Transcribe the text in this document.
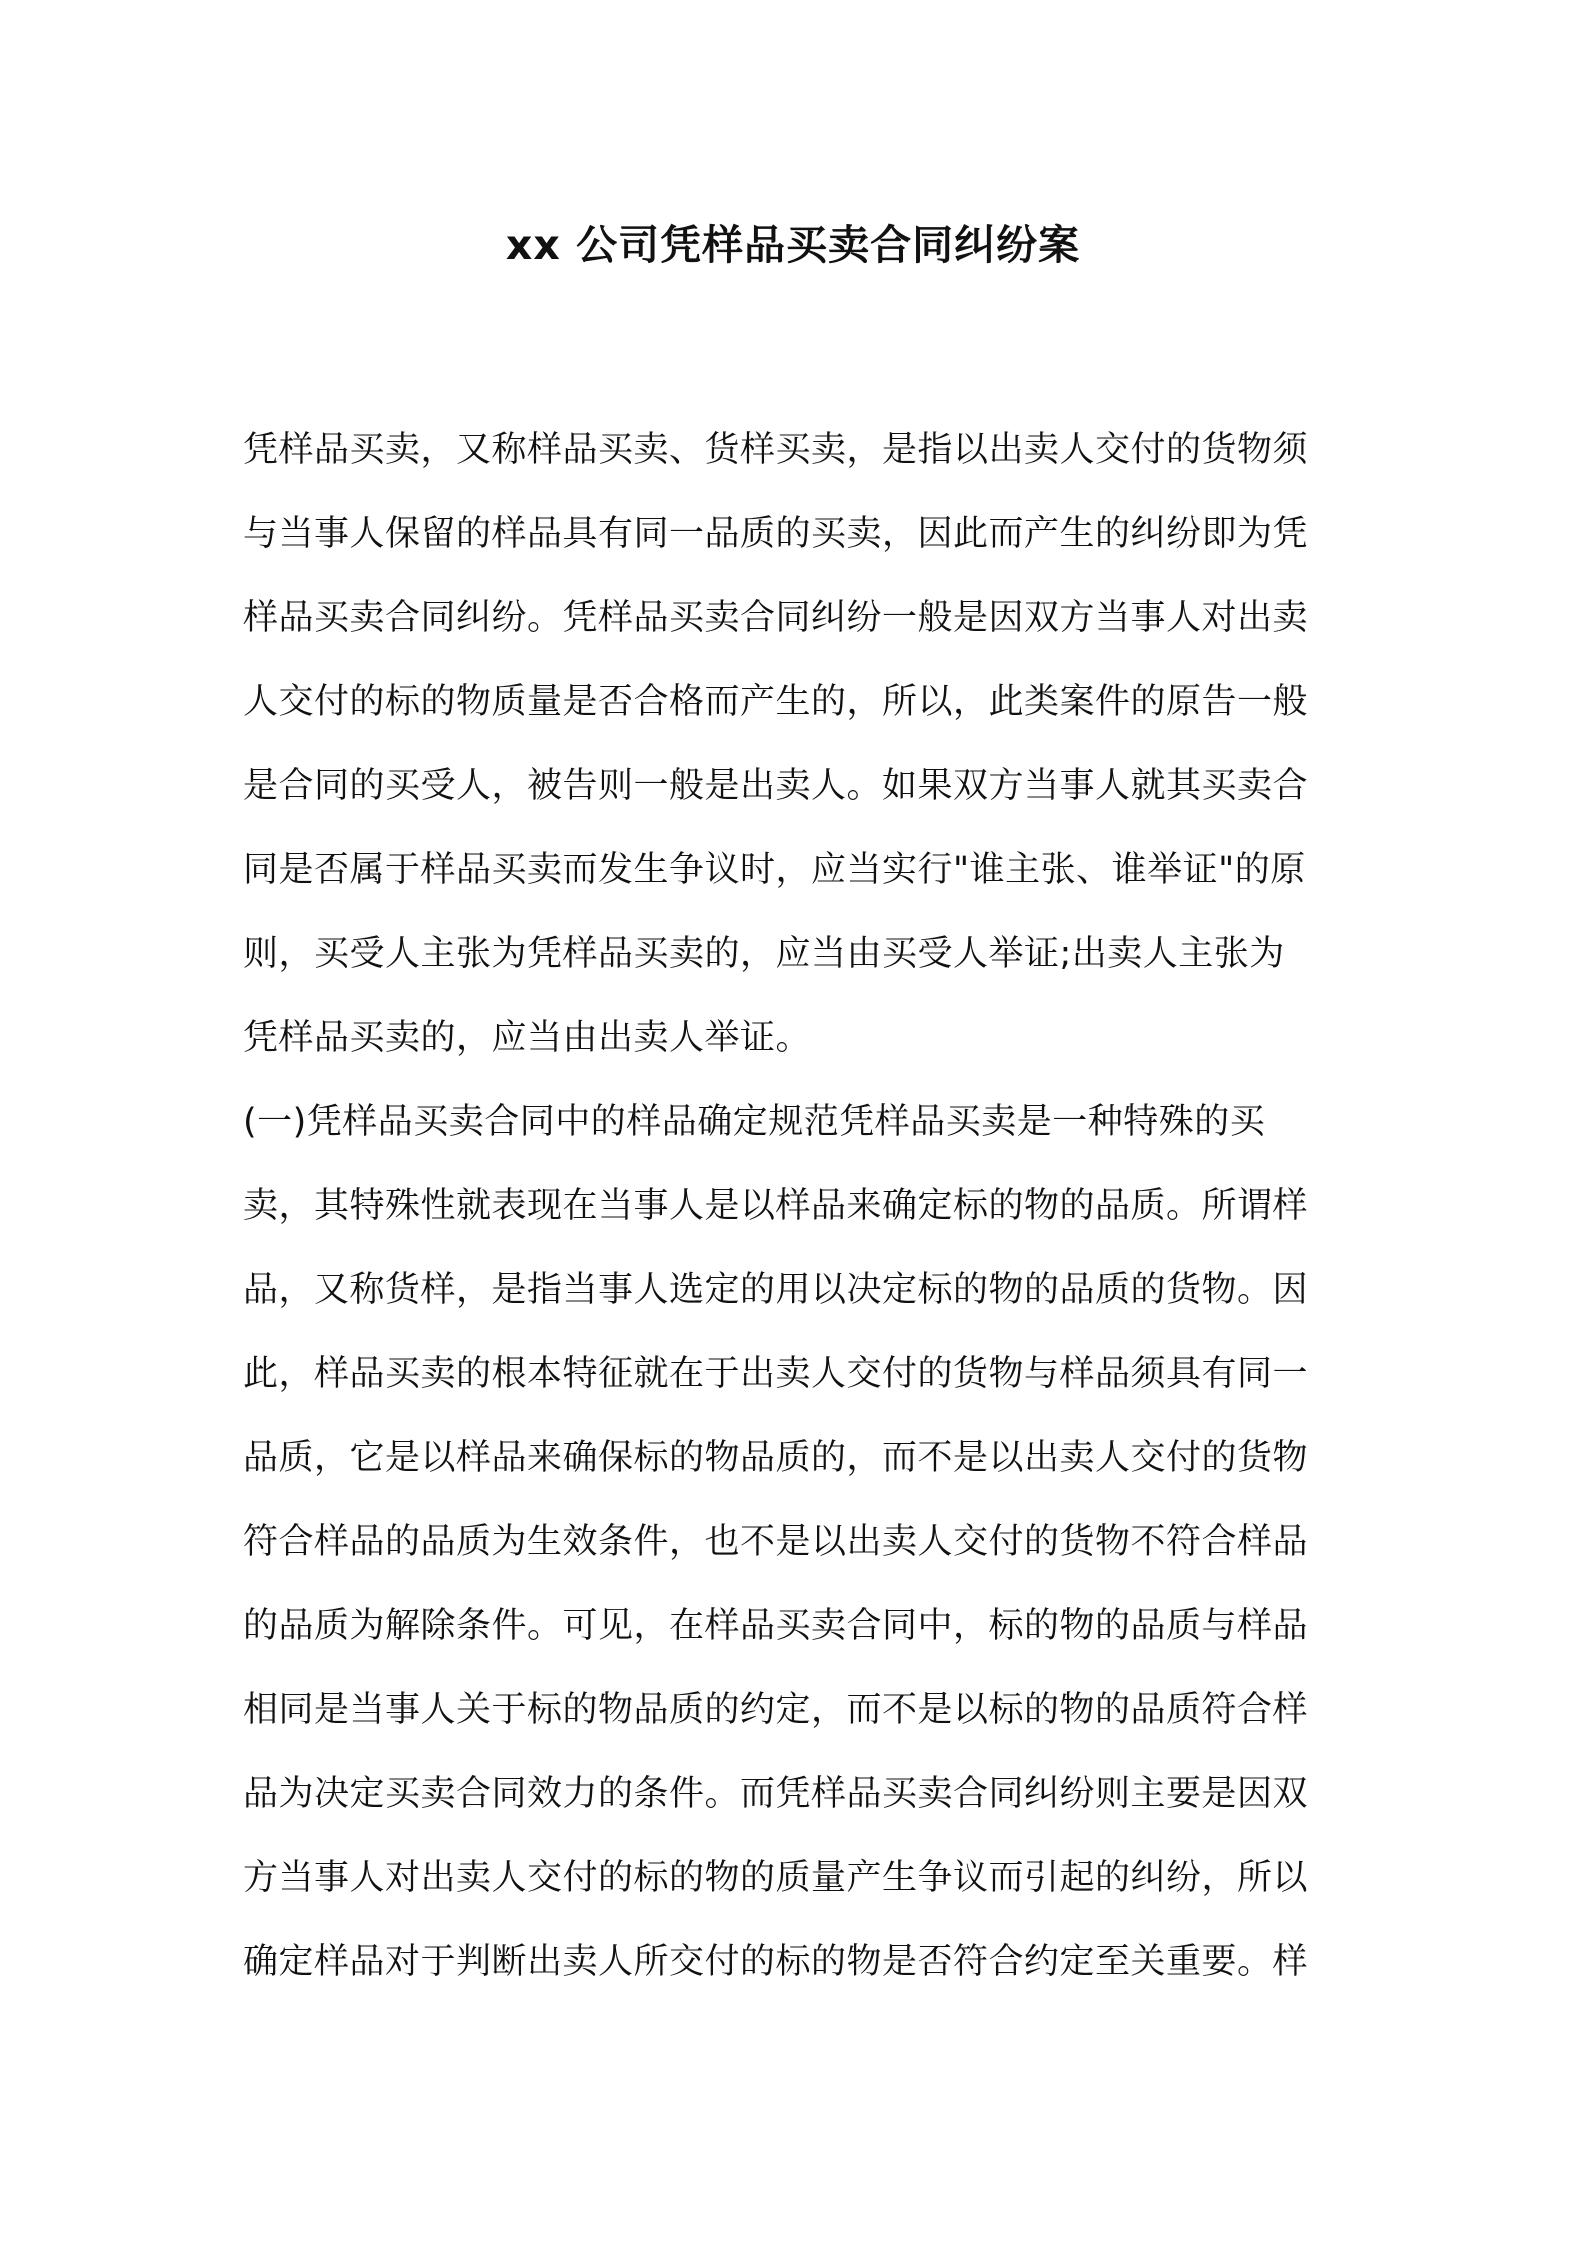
xx 公司凭样品买卖合同纠纷案
凭样品买卖，又称样品买卖、货样买卖，是指以出卖人交付的货物须
与当事人保留的样品具有同一品质的买卖，因此而产生的纠纷即为凭
样品买卖合同纠纷。凭样品买卖合同纠纷一般是因双方当事人对出卖
人交付的标的物质量是否合格而产生的，所以，此类案件的原告一般
是合同的买受人，被告则一般是出卖人。如果双方当事人就其买卖合
同是否属于样品买卖而发生争议时，应当实行"谁主张、谁举证"的原
则，买受人主张为凭样品买卖的，应当由买受人举证;出卖人主张为
凭样品买卖的，应当由出卖人举证。
(一)凭样品买卖合同中的样品确定规范凭样品买卖是一种特殊的买
卖，其特殊性就表现在当事人是以样品来确定标的物的品质。所谓样
品，又称货样，是指当事人选定的用以决定标的物的品质的货物。因
此，样品买卖的根本特征就在于出卖人交付的货物与样品须具有同一
品质，它是以样品来确保标的物品质的，而不是以出卖人交付的货物
符合样品的品质为生效条件，也不是以出卖人交付的货物不符合样品
的品质为解除条件。可见，在样品买卖合同中，标的物的品质与样品
相同是当事人关于标的物品质的约定，而不是以标的物的品质符合样
品为决定买卖合同效力的条件。而凭样品买卖合同纠纷则主要是因双
方当事人对出卖人交付的标的物的质量产生争议而引起的纠纷，所以
确定样品对于判断出卖人所交付的标的物是否符合约定至关重要。样
